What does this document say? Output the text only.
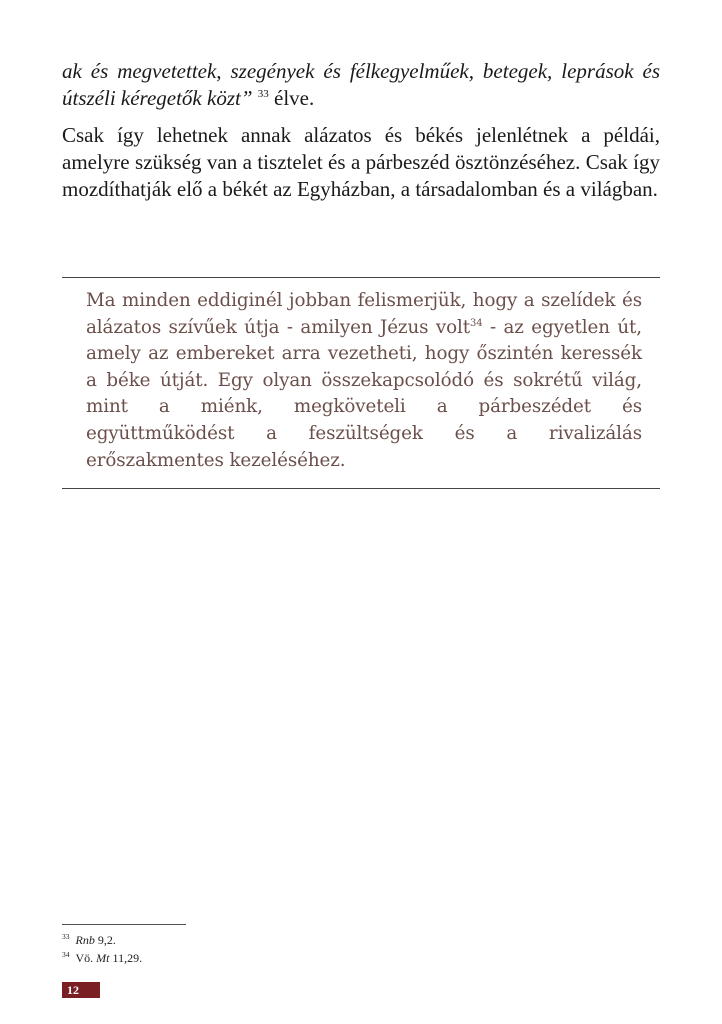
ak és megvetettek, szegények és félkegyelműek, betegek, leprások és útszéli kéregetők közt” $^{33}$ élve.

Csak így lehetnek annak alázatos és békés jelenlétnek a példái, amelyre szükség van a tisztelet és a párbeszéd ösztönzéséhez. Csak így mozdíthatják elő a békét az Egyházban, a társadalomban és a világban.

Ma minden eddiginél jobban felismerjük, hogy a szelídek és alázatos szívűek útja - amilyen Jézus volt$^{34}$ - az egyetlen út, amely az embereket arra vezetheti, hogy őszintén keressék a béke útját. Egy olyan összekapcsolódó és sokrétű világ, mint a miénk, megköveteli a párbeszédet és együttműködést a feszültségek és a rivalizálás erőszakmentes kezeléséhez.

$^{33}$ Rnb 9,2.
$^{34}$ Vö. Mt 11,29.
12
